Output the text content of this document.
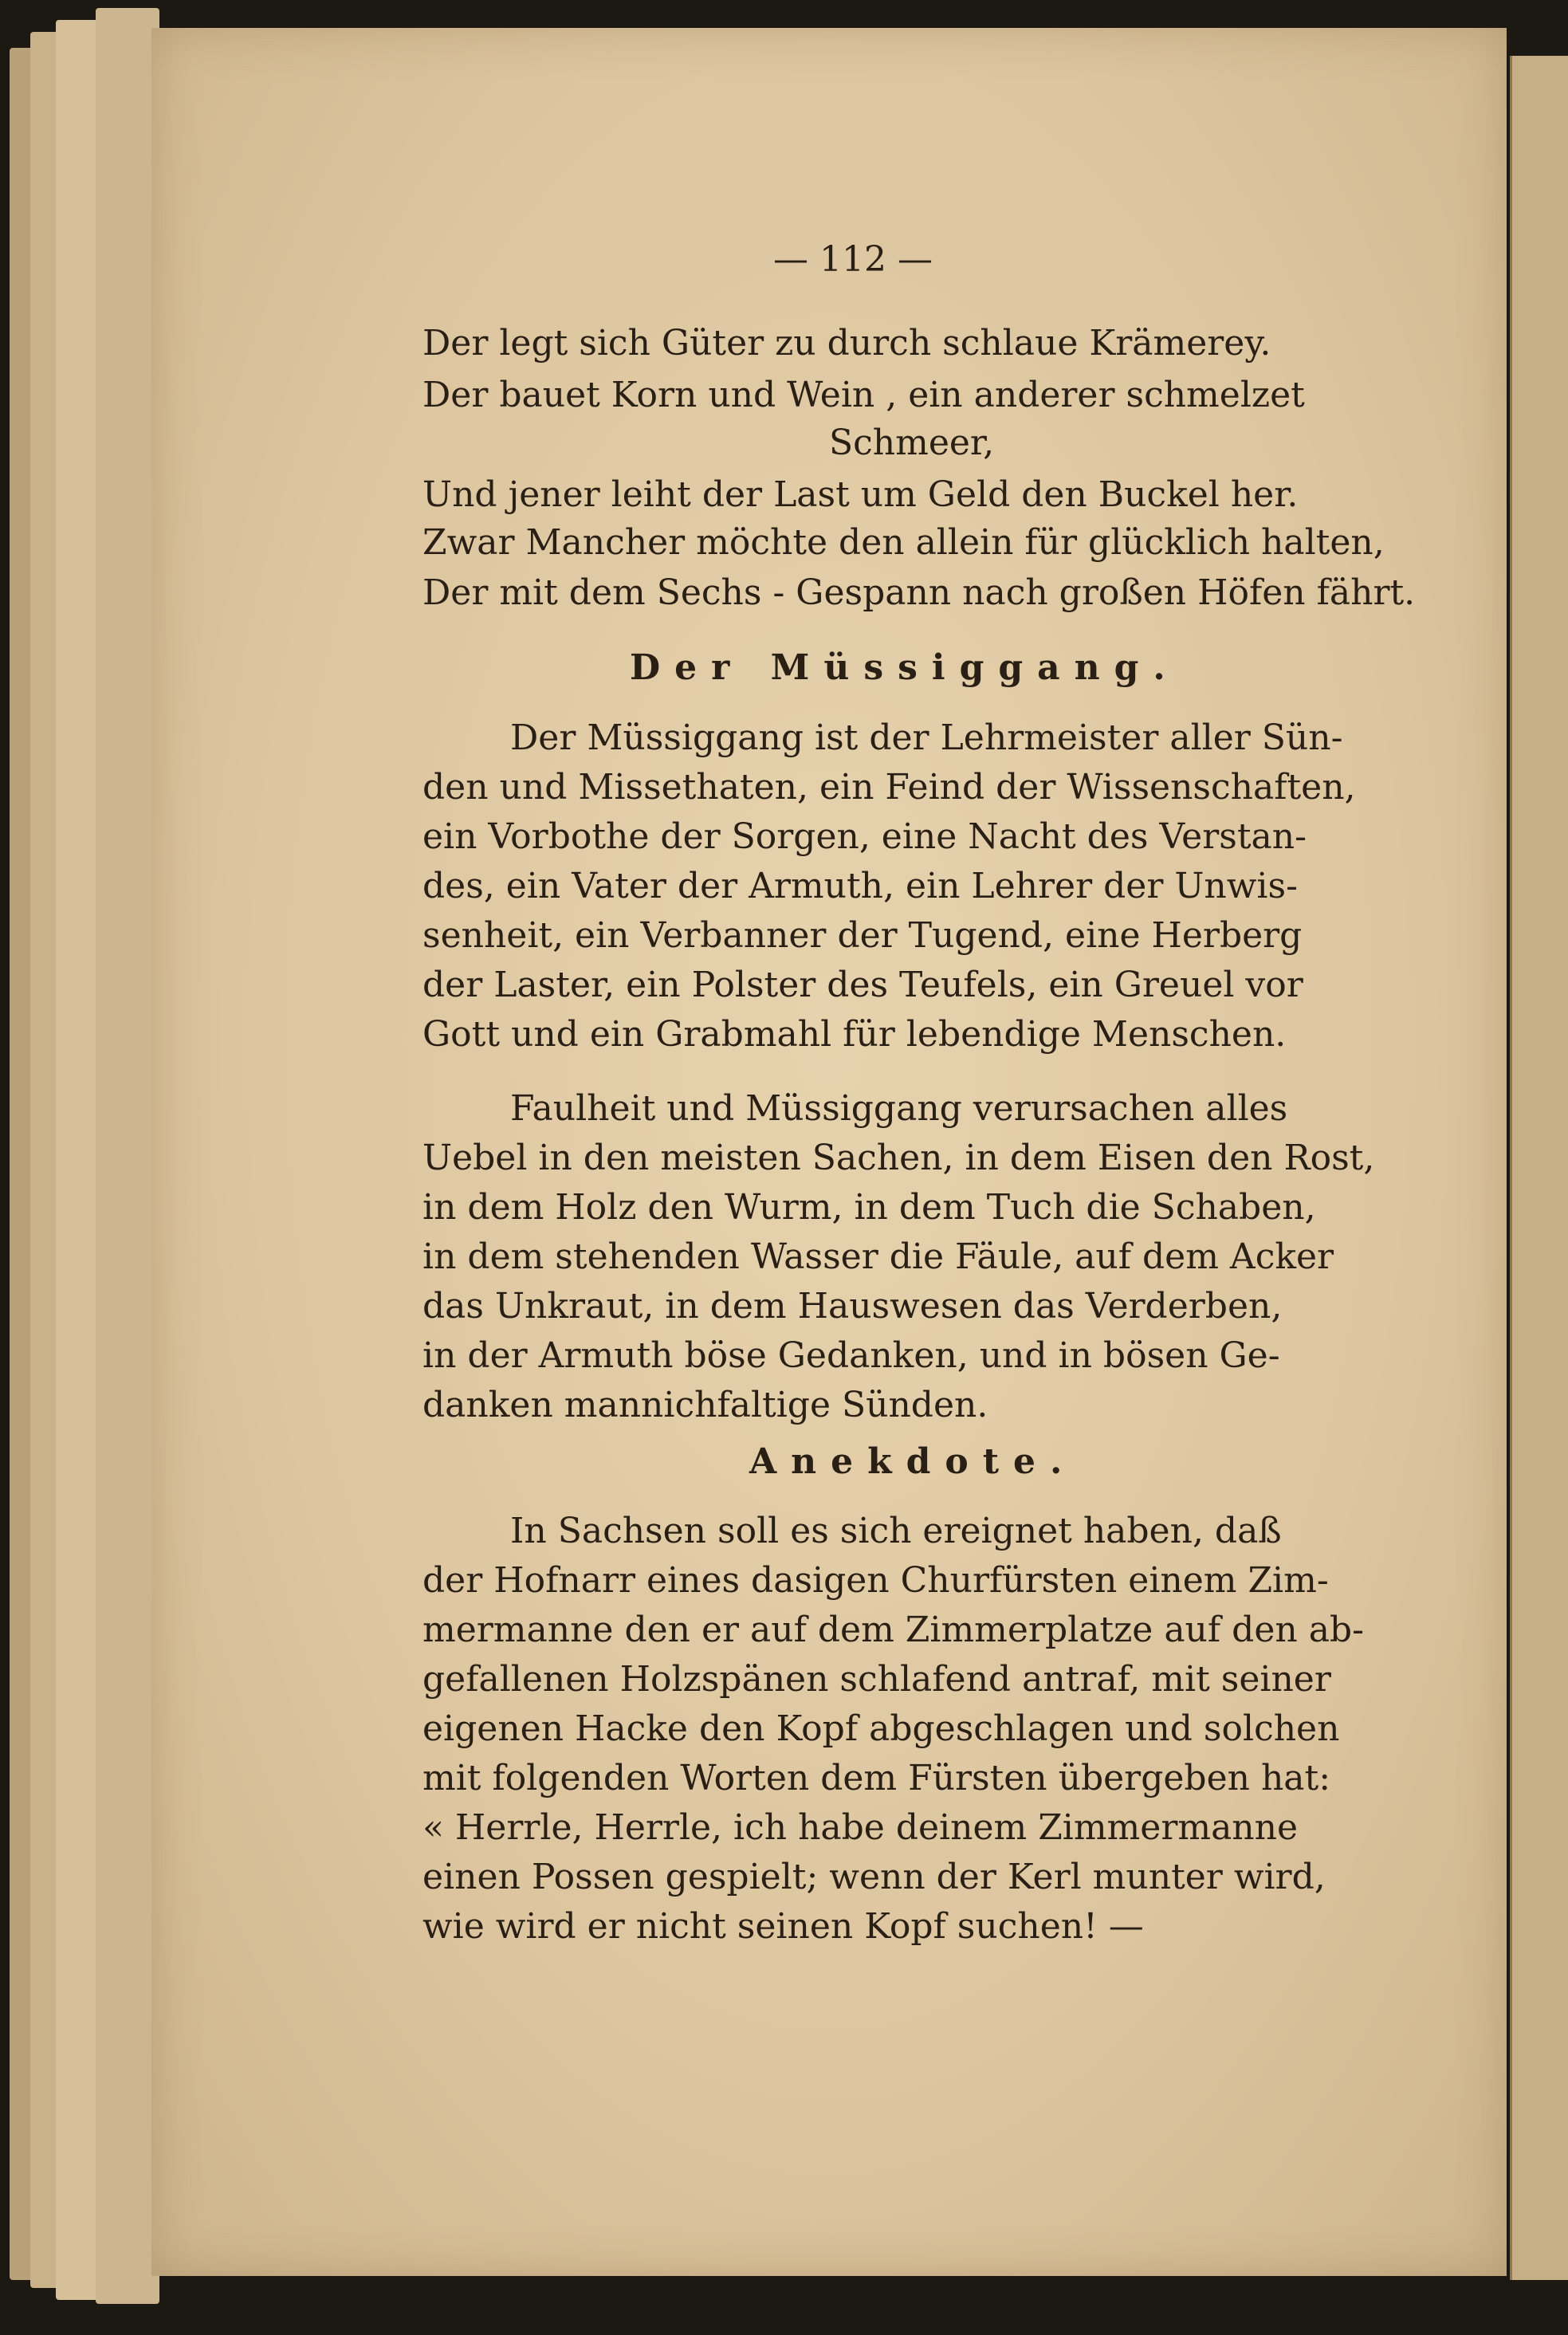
— 112 —
Der legt sich Güter zu durch schlaue Krämerey.
Der bauet Korn und Wein , ein anderer schmelzet
Schmeer,
Und jener leiht der Last um Geld den Buckel her.
Zwar Mancher möchte den allein für glücklich halten,
Der mit dem Sechs - Gespann nach großen Höfen fährt.
Der Müssiggang.
Der Müssiggang ist der Lehrmeister aller Sün-
den und Missethaten, ein Feind der Wissenschaften,
ein Vorbothe der Sorgen, eine Nacht des Verstan-
des, ein Vater der Armuth, ein Lehrer der Unwis-
senheit, ein Verbanner der Tugend, eine Herberg
der Laster, ein Polster des Teufels, ein Greuel vor
Gott und ein Grabmahl für lebendige Menschen.
Faulheit und Müssiggang verursachen alles
Uebel in den meisten Sachen, in dem Eisen den Rost,
in dem Holz den Wurm, in dem Tuch die Schaben,
in dem stehenden Wasser die Fäule, auf dem Acker
das Unkraut, in dem Hauswesen das Verderben,
in der Armuth böse Gedanken, und in bösen Ge-
danken mannichfaltige Sünden.
Anekdote.
In Sachsen soll es sich ereignet haben, daß
der Hofnarr eines dasigen Churfürsten einem Zim-
mermanne den er auf dem Zimmerplatze auf den ab-
gefallenen Holzspänen schlafend antraf, mit seiner
eigenen Hacke den Kopf abgeschlagen und solchen
mit folgenden Worten dem Fürsten übergeben hat:
« Herrle, Herrle, ich habe deinem Zimmermanne
einen Possen gespielt; wenn der Kerl munter wird,
wie wird er nicht seinen Kopf suchen! —
